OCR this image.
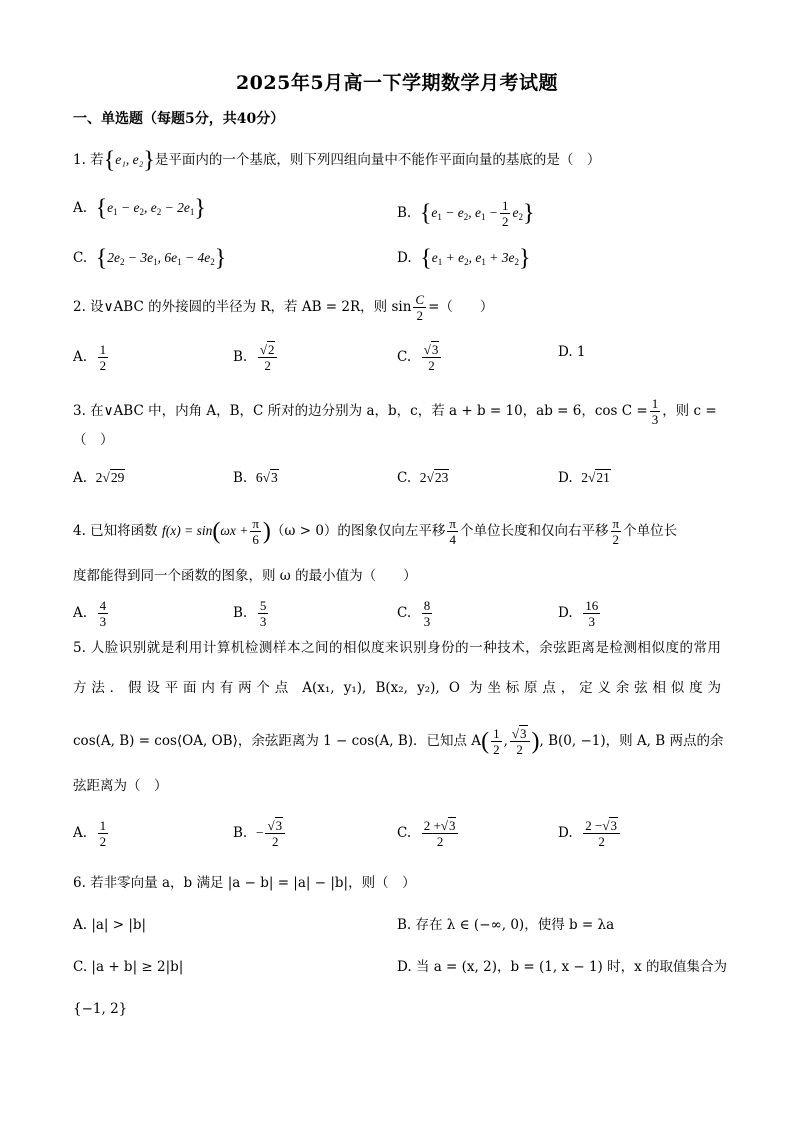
2025年5月高一下学期数学月考试题
一、单选题（每题5分，共40分）
1. 若{e₁, e₂}是平面内的一个基底，则下列四组向量中不能作平面向量的基底的是（　）
A. {$e_1 - e_2$, $e_2 - 2e_1$}	B. {$e_1 - e_2$, $e_1 - \frac{1}{2} e_2$}
C. {$2e_2 - 3e_1$, $6e_1 - 4e_2$}	D. {$e_1 + e_2$, $e_1 + 3e_2$}
2. 设∨ABC 的外接圆的半径为 R，若 AB = 2R，则 $\sin \frac{C}{2}$ =（　　）
A. $\frac{1}{2}$	B. $\frac{√2}{2}$	C. $\frac{√3}{2}$	D. 1
3. 在∨ABC 中，内角 A，B，C 所对的边分别为 a，b，c，若 a + b = 10，ab = 6，$\cos C = \frac{1}{3}$ ，则 c =
（　）
A. 2√29	B. 6√3	C. 2√23	D. 2√21
4. 已知将函数 $f(x) = \sin(\omega x + \frac{\pi}{6} )(\omega > 0)$的图象仅向左平移 $\frac{\pi}{4}$ 个单位长度和仅向右平移 $\frac{\pi}{2}$ 个单位长
度都能得到同一个函数的图象，则 ω 的最小值为（　　）
A. $\frac{4}{3}$	B. $\frac{5}{3}$	C. $\frac{8}{3}$	D. $\frac{16}{3}$
5. 人脸识别就是利用计算机检测样本之间的相似度来识别身份的一种技术，余弦距离是检测相似度的常用
方法．假设平面内有两个点 A(x₁, y₁), B(x₂, y₂), O 为坐标原点，定义余弦相似度为
cos(A, B) = cos⟨OA, OB⟩，余弦距离为 1 − cos(A, B)．已知点 $A( \frac{1}{2}$ , $\frac{√3}{2}$ ), B(0, −1)，则 A, B 两点的余
弦距离为（　）
A. $\frac{1}{2}$	B. − $\frac{√3}{2}$	C. $\frac{2 +√3}{2}$	D. $\frac{2 -√3}{2}$
6. 若非零向量 a，b 满足 |a − b| = |a| − |b|，则（　）
A. |a| > |b|	B. 存在 λ ∈ (−∞, 0)，使得 b = λa
C. |a + b| ≥ 2|b|	D. 当 a = (x, 2)，b = (1, x − 1) 时，x 的取值集合为
{−1, 2}
